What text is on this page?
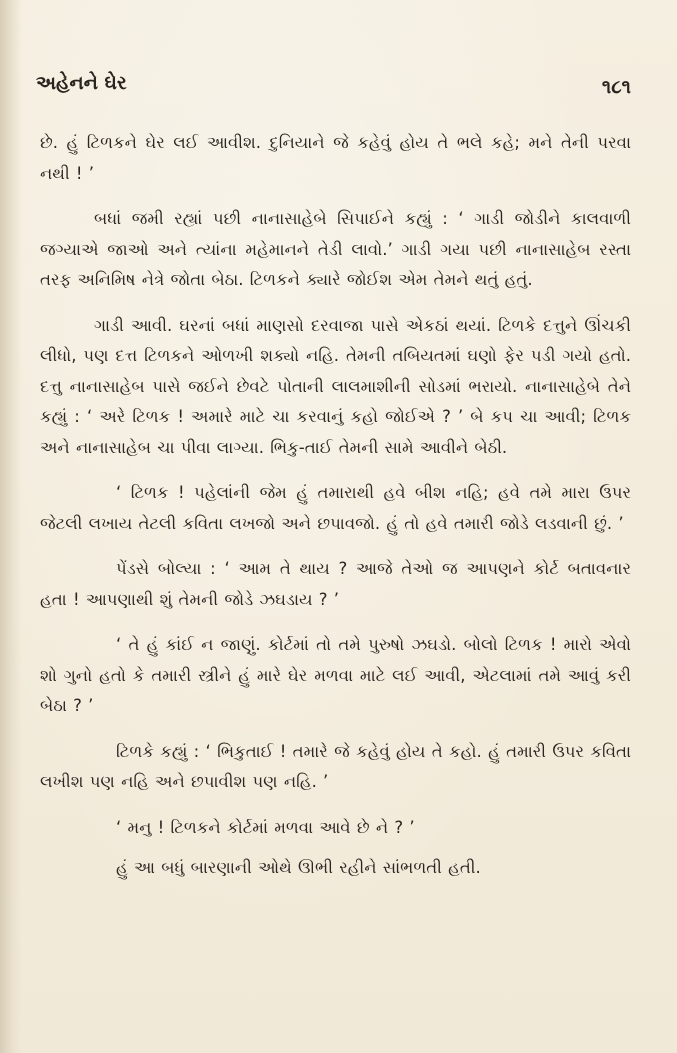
અહેનને ઘેર	૧૮૧

છે. હું ટિળકને ઘેર લઈ આવીશ. દુનિયાને જે કહેવું હોય તે ભલે કહે; મને તેની પરવા નથી ! ’

બધાં જમી રહ્યાં પછી નાનાસાહેબે સિપાઈને કહ્યું : ‘ ગાડી જોડીને કાલવાળી જગ્યાએ જાઓ અને ત્યાંના મહેમાનને તેડી લાવો.’ ગાડી ગયા પછી નાનાસાહેબ રસ્તા તરફ અનિમિષ નેત્રે જોતા બેઠા. ટિળકને ક્યારે જોઈશ એમ તેમને થતું હતું.

ગાડી આવી. ઘરનાં બધાં માણસો દરવાજા પાસે એકઠાં થયાં. ટિળકે દત્તુને ઊંચકી લીધો, પણ દત્ત ટિળકને ઓળખી શક્યો નહિ. તેમની તબિયતમાં ઘણો ફેર પડી ગયો હતો. દત્તુ નાનાસાહેબ પાસે જઈને છેવટે પોતાની લાલમાશીની સોડમાં ભરાયો. નાનાસાહેબે તેને કહ્યું : ‘ અરે ટિળક ! અમારે માટે ચા કરવાનું કહો જોઈએ ? ’ બે કપ ચા આવી; ટિળક અને નાનાસાહેબ ચા પીવા લાગ્યા. ભિકુ-તાઈ તેમની સામે આવીને બેઠી.

‘ ટિળક ! પહેલાંની જેમ હું તમારાથી હવે બીશ નહિ; હવે તમે મારા ઉપર જેટલી લખાય તેટલી કવિતા લખજો અને છપાવજો. હું તો હવે તમારી જોડે લડવાની છું. ’

પેંડસે બોલ્યા : ‘ આમ તે થાય ? આજે તેઓ જ આપણને કોર્ટ બતાવનાર હતા ! આપણાથી શું તેમની જોડે ઝઘડાય ? ’

‘ તે હું કાંઈ ન જાણું. કોર્ટમાં તો તમે પુરુષો ઝઘડો. બોલો ટિળક ! મારો એવો શો ગુનો હતો કે તમારી સ્ત્રીને હું મારે ઘેર મળવા માટે લઈ આવી, એટલામાં તમે આવું કરી બેઠા ? ’

ટિળકે કહ્યું : ‘ ભિકુતાઈ ! તમારે જે કહેવું હોય તે કહો. હું તમારી ઉપર કવિતા લખીશ પણ નહિ અને છપાવીશ પણ નહિ. ’

‘ મનુ ! ટિળકને કોર્ટમાં મળવા આવે છે ને ? ’

હું આ બધું બારણાની ઓથે ઊભી રહીને સાંભળતી હતી.
